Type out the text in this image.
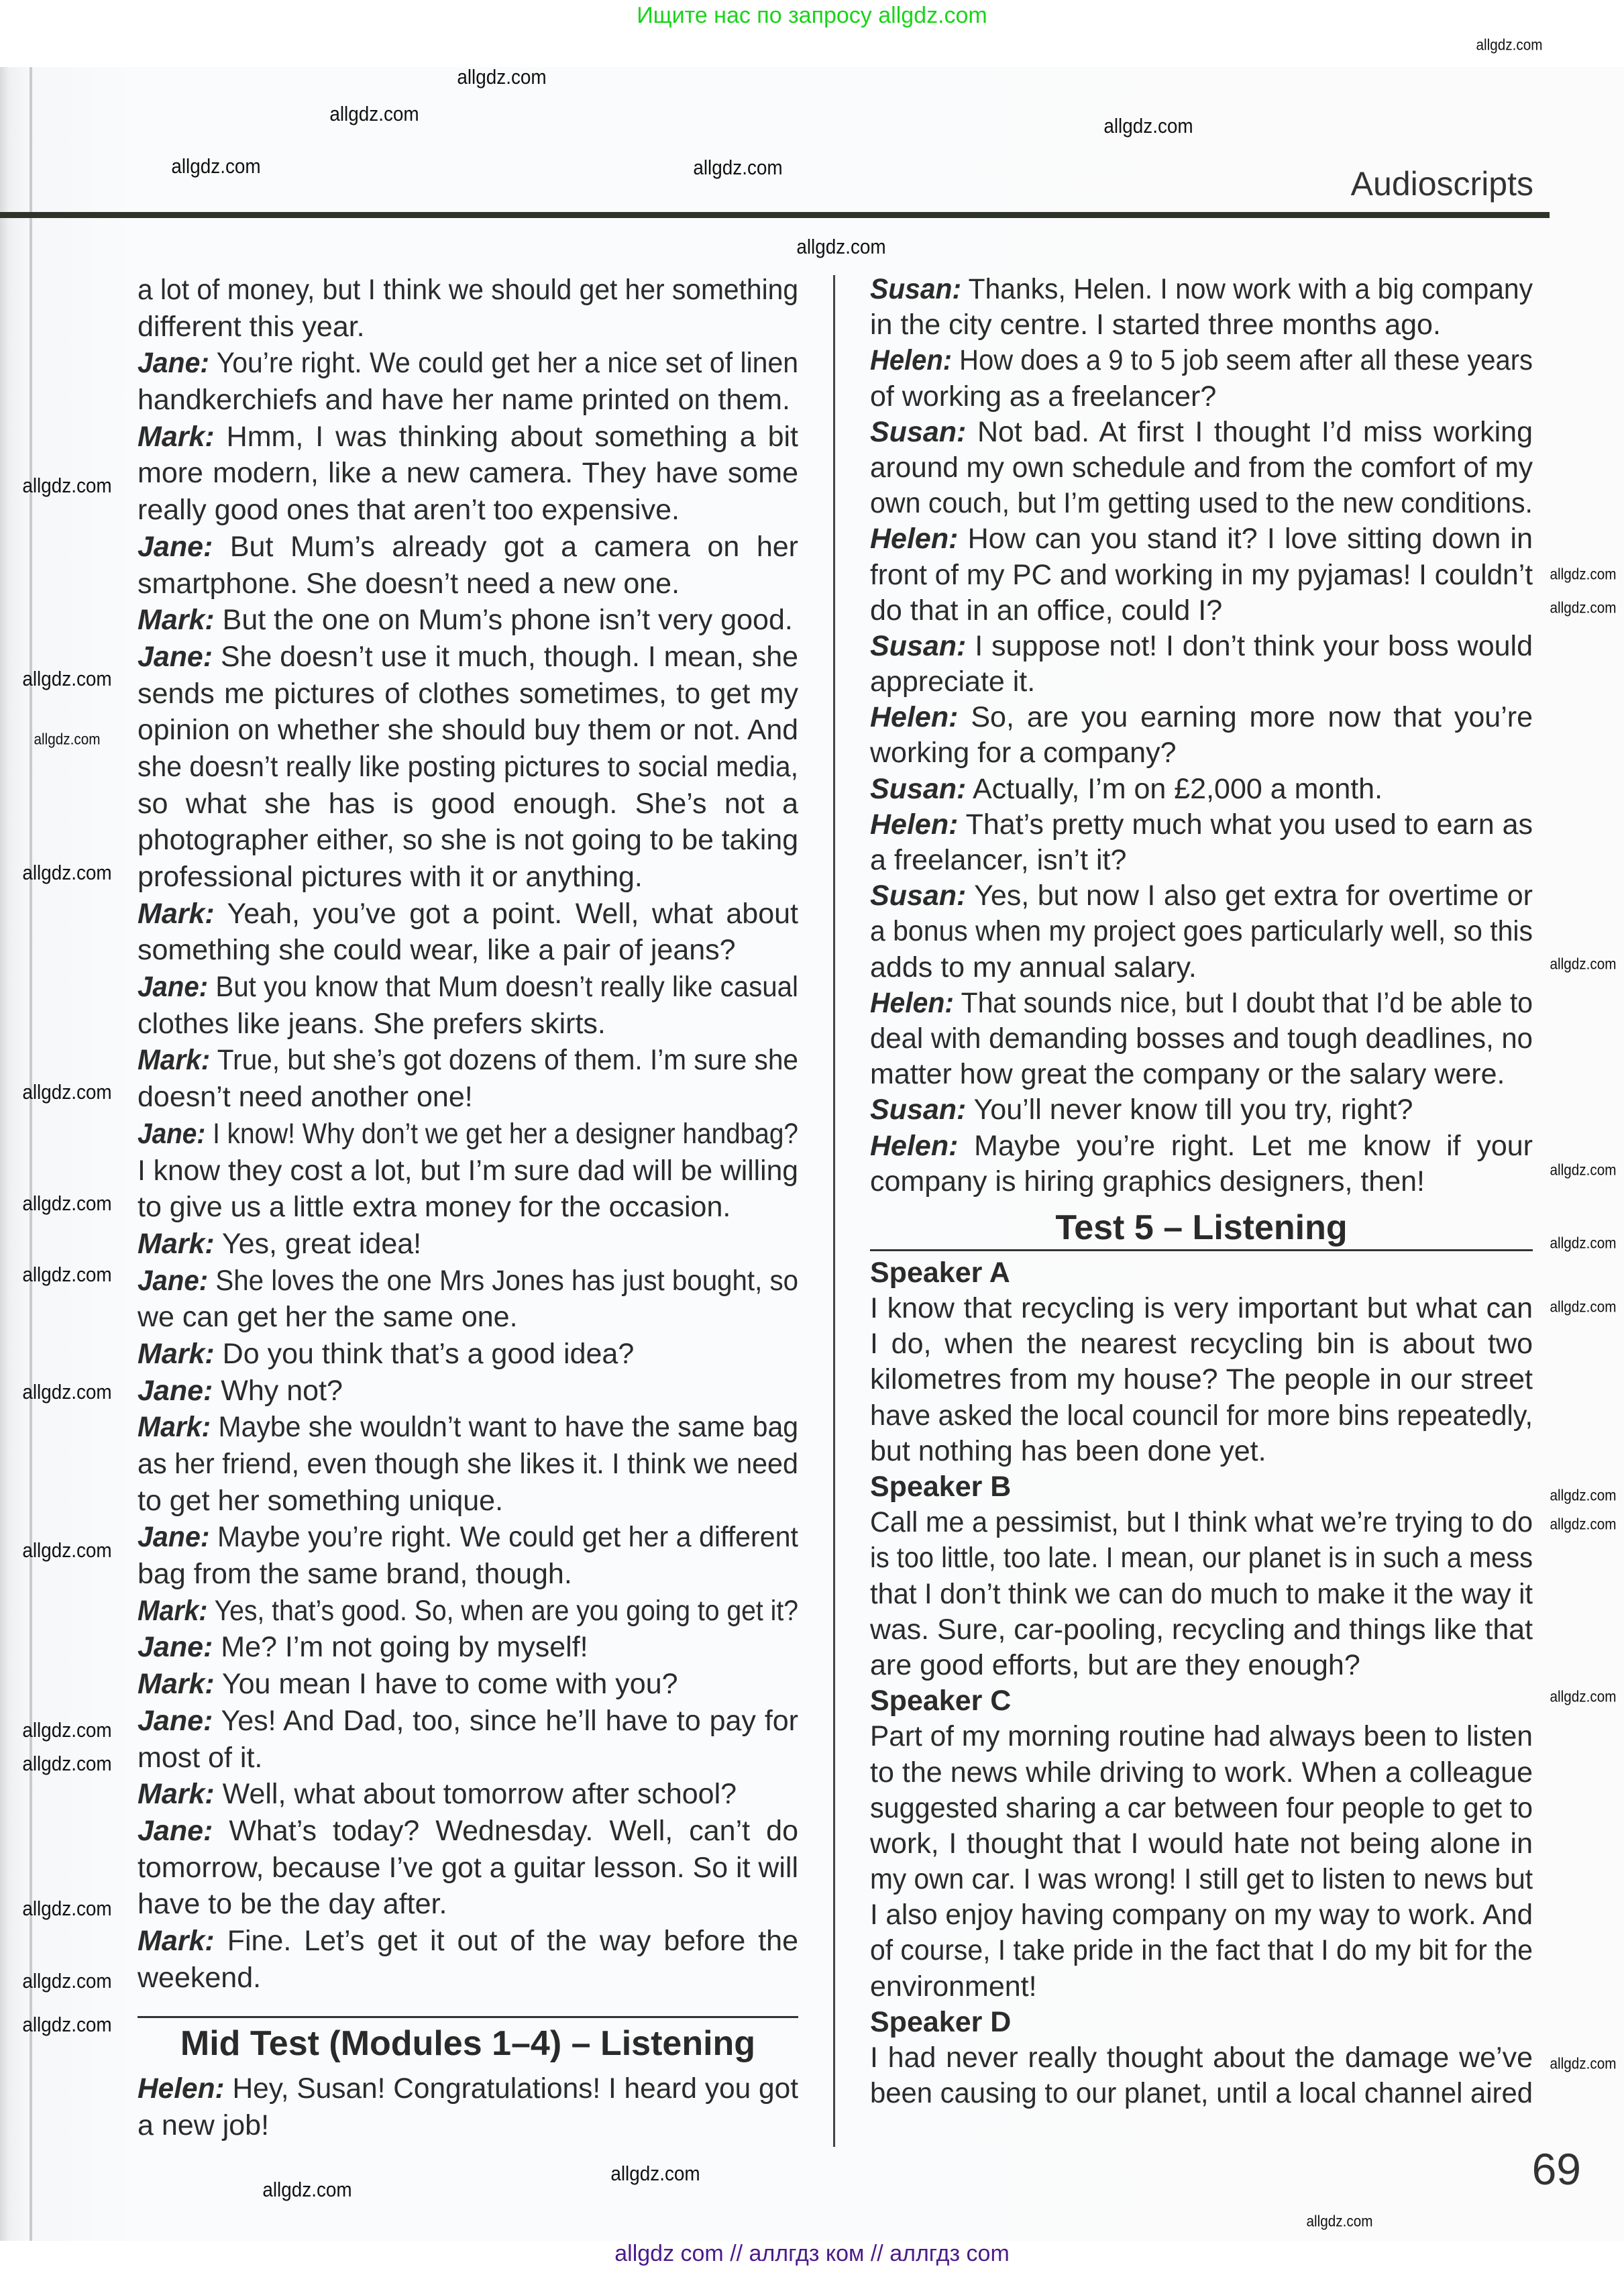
Ищите нас по запросу allgdz.com
Audioscripts
a lot of money, but I think we should get her something
different this year.
Jane: You’re right. We could get her a nice set of linen
handkerchiefs and have her name printed on them.
Mark: Hmm, I was thinking about something a bit
more modern, like a new camera. They have some
really good ones that aren’t too expensive.
Jane: But Mum’s already got a camera on her
smartphone. She doesn’t need a new one.
Mark: But the one on Mum’s phone isn’t very good.
Jane: She doesn’t use it much, though. I mean, she
sends me pictures of clothes sometimes, to get my
opinion on whether she should buy them or not. And
she doesn’t really like posting pictures to social media,
so what she has is good enough. She’s not a
photographer either, so she is not going to be taking
professional pictures with it or anything.
Mark: Yeah, you’ve got a point. Well, what about
something she could wear, like a pair of jeans?
Jane: But you know that Mum doesn’t really like casual
clothes like jeans. She prefers skirts.
Mark: True, but she’s got dozens of them. I’m sure she
doesn’t need another one!
Jane: I know! Why don’t we get her a designer handbag?
I know they cost a lot, but I’m sure dad will be willing
to give us a little extra money for the occasion.
Mark: Yes, great idea!
Jane: She loves the one Mrs Jones has just bought, so
we can get her the same one.
Mark: Do you think that’s a good idea?
Jane: Why not?
Mark: Maybe she wouldn’t want to have the same bag
as her friend, even though she likes it. I think we need
to get her something unique.
Jane: Maybe you’re right. We could get her a different
bag from the same brand, though.
Mark: Yes, that’s good. So, when are you going to get it?
Jane: Me? I’m not going by myself!
Mark: You mean I have to come with you?
Jane: Yes! And Dad, too, since he’ll have to pay for
most of it.
Mark: Well, what about tomorrow after school?
Jane: What’s today? Wednesday. Well, can’t do
tomorrow, because I’ve got a guitar lesson. So it will
have to be the day after.
Mark: Fine. Let’s get it out of the way before the
weekend.
Mid Test (Modules 1–4) – Listening
Helen: Hey, Susan! Congratulations! I heard you got
a new job!
Susan: Thanks, Helen. I now work with a big company
in the city centre. I started three months ago.
Helen: How does a 9 to 5 job seem after all these years
of working as a freelancer?
Susan: Not bad. At first I thought I’d miss working
around my own schedule and from the comfort of my
own couch, but I’m getting used to the new conditions.
Helen: How can you stand it? I love sitting down in
front of my PC and working in my pyjamas! I couldn’t
do that in an office, could I?
Susan: I suppose not! I don’t think your boss would
appreciate it.
Helen: So, are you earning more now that you’re
working for a company?
Susan: Actually, I’m on £2,000 a month.
Helen: That’s pretty much what you used to earn as
a freelancer, isn’t it?
Susan: Yes, but now I also get extra for overtime or
a bonus when my project goes particularly well, so this
adds to my annual salary.
Helen: That sounds nice, but I doubt that I’d be able to
deal with demanding bosses and tough deadlines, no
matter how great the company or the salary were.
Susan: You’ll never know till you try, right?
Helen: Maybe you’re right. Let me know if your
company is hiring graphics designers, then!
Test 5 – Listening
Speaker A
I know that recycling is very important but what can
I do, when the nearest recycling bin is about two
kilometres from my house? The people in our street
have asked the local council for more bins repeatedly,
but nothing has been done yet.
Speaker B
Call me a pessimist, but I think what we’re trying to do
is too little, too late. I mean, our planet is in such a mess
that I don’t think we can do much to make it the way it
was. Sure, car-pooling, recycling and things like that
are good efforts, but are they enough?
Speaker C
Part of my morning routine had always been to listen
to the news while driving to work. When a colleague
suggested sharing a car between four people to get to
work, I thought that I would hate not being alone in
my own car. I was wrong! I still get to listen to news but
I also enjoy having company on my way to work. And
of course, I take pride in the fact that I do my bit for the
environment!
Speaker D
I had never really thought about the damage we’ve
been causing to our planet, until a local channel aired
69
allgdz.com
allgdz.com
allgdz.com
allgdz.com
allgdz.com
allgdz.com
allgdz.com
allgdz.com
allgdz.com
allgdz.com
allgdz.com
allgdz.com
allgdz.com
allgdz.com
allgdz.com
allgdz.com
allgdz.com
allgdz.com
allgdz.com
allgdz.com
allgdz.com
allgdz.com
allgdz.com
allgdz.com
allgdz.com
allgdz.com
allgdz.com
allgdz.com
allgdz.com
allgdz.com
allgdz.com
allgdz.com
allgdz.com
allgdz.com
allgdz com // аллгдз ком // аллгдз com
